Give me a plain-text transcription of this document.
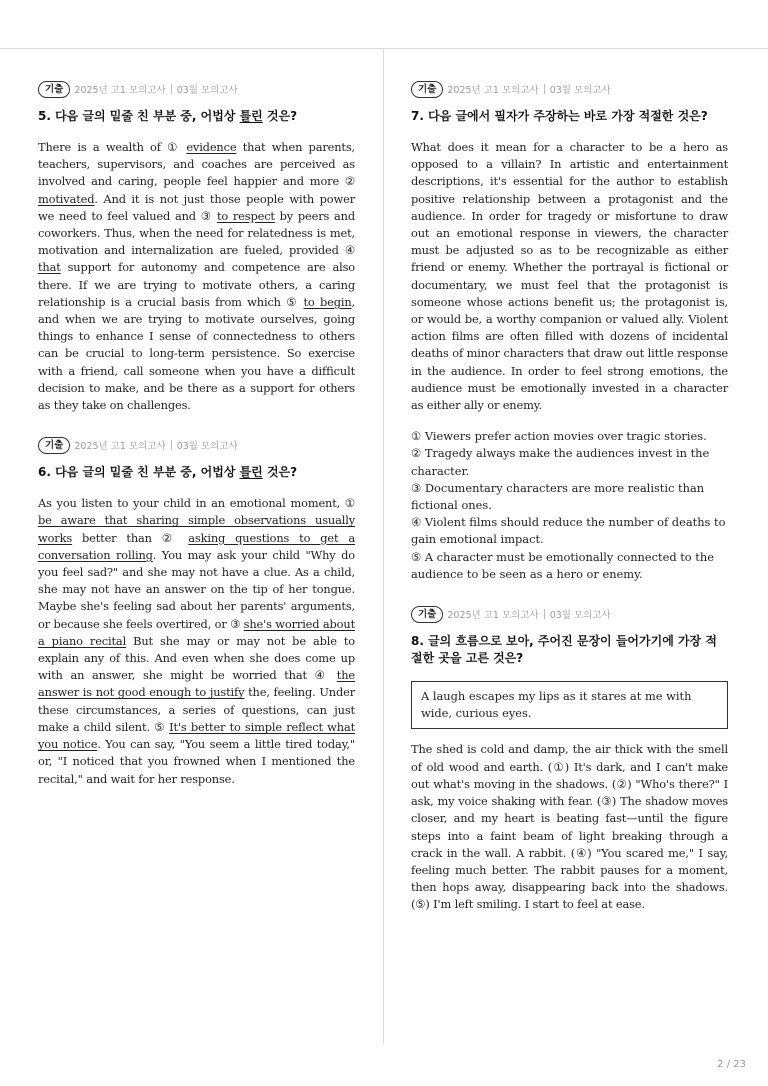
기출	2025년 고1 모의고사 03월 모의고사
5. 다음 글의 밑줄 친 부분 중, 어법상 틀린 것은?
There is a wealth of ① evidence that when parents, teachers, supervisors, and coaches are perceived as involved and caring, people feel happier and more ② motivated. And it is not just those people with power we need to feel valued and ③ to respect by peers and coworkers. Thus, when the need for relatedness is met, motivation and internalization are fueled, provided ④ that support for autonomy and competence are also there. If we are trying to motivate others, a caring relationship is a crucial basis from which ⑤ to begin, and when we are trying to motivate ourselves, going things to enhance I sense of connectedness to others can be crucial to long-term persistence. So exercise with a friend, call someone when you have a difficult decision to make, and be there as a support for others as they take on challenges.
기출	2025년 고1 모의고사 03월 모의고사
6. 다음 글의 밑줄 친 부분 중, 어법상 틀린 것은?
As you listen to your child in an emotional moment, ① be aware that sharing simple observations usually works better than ② asking questions to get a conversation rolling. You may ask your child "Why do you feel sad?" and she may not have a clue. As a child, she may not have an answer on the tip of her tongue. Maybe she's feeling sad about her parents' arguments, or because she feels overtired, or ③ she's worried about a piano recital But she may or may not be able to explain any of this. And even when she does come up with an answer, she might be worried that ④ the answer is not good enough to justify the, feeling. Under these circumstances, a series of questions, can just make a child silent. ⑤ It's better to simple reflect what you notice. You can say, "You seem a little tired today," or, "I noticed that you frowned when I mentioned the recital," and wait for her response.
기출	2025년 고1 모의고사 03월 모의고사
7. 다음 글에서 필자가 주장하는 바로 가장 적절한 것은?
What does it mean for a character to be a hero as opposed to a villain? In artistic and entertainment descriptions, it's essential for the author to establish positive relationship between a protagonist and the audience. In order for tragedy or misfortune to draw out an emotional response in viewers, the character must be adjusted so as to be recognizable as either friend or enemy. Whether the portrayal is fictional or documentary, we must feel that the protagonist is someone whose actions benefit us; the protagonist is, or would be, a worthy companion or valued ally. Violent action films are often filled with dozens of incidental deaths of minor characters that draw out little response in the audience. In order to feel strong emotions, the audience must be emotionally invested in a character as either ally or enemy.
① Viewers prefer action movies over tragic stories.
② Tragedy always make the audiences invest in the character.
③ Documentary characters are more realistic than fictional ones.
④ Violent films should reduce the number of deaths to gain emotional impact.
⑤ A character must be emotionally connected to the audience to be seen as a hero or enemy.
기출	2025년 고1 모의고사 03월 모의고사
8. 글의 흐름으로 보아, 주어진 문장이 들어가기에 가장 적절한 곳을 고른 것은?
A laugh escapes my lips as it stares at me with wide, curious eyes.
The shed is cold and damp, the air thick with the smell of old wood and earth. (①) It's dark, and I can't make out what's moving in the shadows. (②) "Who's there?" I ask, my voice shaking with fear. (③) The shadow moves closer, and my heart is beating fast—until the figure steps into a faint beam of light breaking through a crack in the wall. A rabbit. (④) "You scared me," I say, feeling much better. The rabbit pauses for a moment, then hops away, disappearing back into the shadows. (⑤) I'm left smiling. I start to feel at ease.
2 / 23
